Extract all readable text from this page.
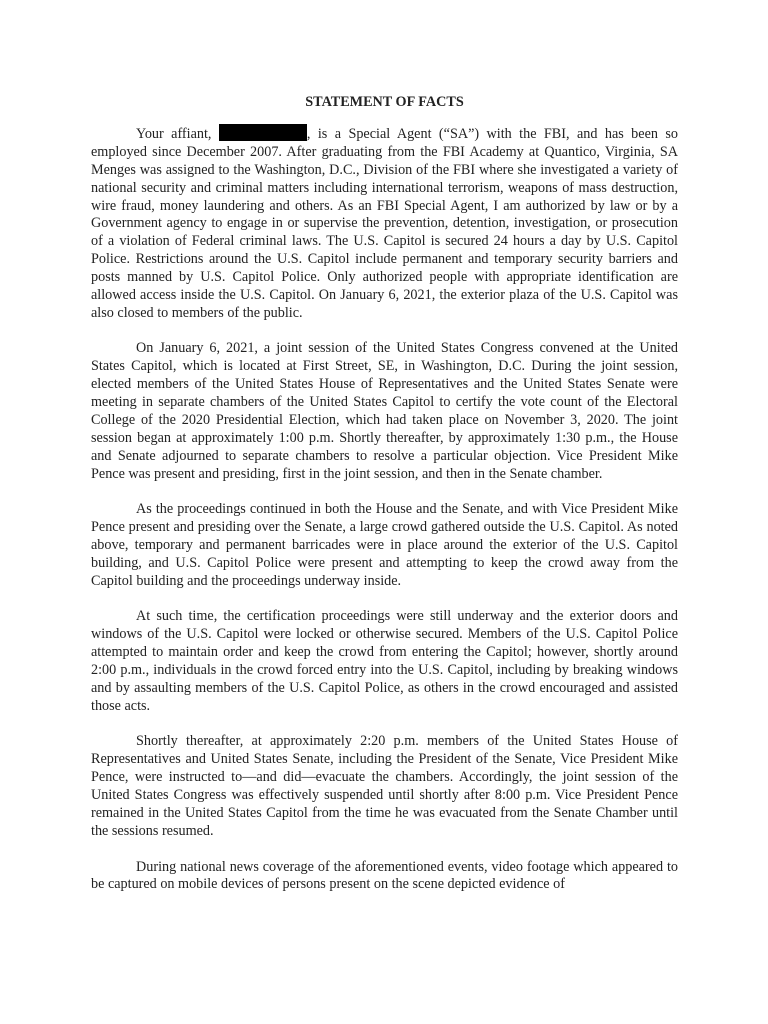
STATEMENT OF FACTS

Your affiant,	, is a Special Agent (“SA”) with the FBI, and has been so employed since December 2007. After graduating from the FBI Academy at Quantico, Virginia, SA Menges was assigned to the Washington, D.C., Division of the FBI where she investigated a variety of national security and criminal matters including international terrorism, weapons of mass destruction, wire fraud, money laundering and others. As an FBI Special Agent, I am authorized by law or by a Government agency to engage in or supervise the prevention, detention, investigation, or prosecution of a violation of Federal criminal laws. The U.S. Capitol is secured 24 hours a day by U.S. Capitol Police. Restrictions around the U.S. Capitol include permanent and temporary security barriers and posts manned by U.S. Capitol Police. Only authorized people with appropriate identification are allowed access inside the U.S. Capitol. On January 6, 2021, the exterior plaza of the U.S. Capitol was also closed to members of the public.

On January 6, 2021, a joint session of the United States Congress convened at the United States Capitol, which is located at First Street, SE, in Washington, D.C. During the joint session, elected members of the United States House of Representatives and the United States Senate were meeting in separate chambers of the United States Capitol to certify the vote count of the Electoral College of the 2020 Presidential Election, which had taken place on November 3, 2020. The joint session began at approximately 1:00 p.m. Shortly thereafter, by approximately 1:30 p.m., the House and Senate adjourned to separate chambers to resolve a particular objection. Vice President Mike Pence was present and presiding, first in the joint session, and then in the Senate chamber.

As the proceedings continued in both the House and the Senate, and with Vice President Mike Pence present and presiding over the Senate, a large crowd gathered outside the U.S. Capitol. As noted above, temporary and permanent barricades were in place around the exterior of the U.S. Capitol building, and U.S. Capitol Police were present and attempting to keep the crowd away from the Capitol building and the proceedings underway inside.

At such time, the certification proceedings were still underway and the exterior doors and windows of the U.S. Capitol were locked or otherwise secured. Members of the U.S. Capitol Police attempted to maintain order and keep the crowd from entering the Capitol; however, shortly around 2:00 p.m., individuals in the crowd forced entry into the U.S. Capitol, including by breaking windows and by assaulting members of the U.S. Capitol Police, as others in the crowd encouraged and assisted those acts.

Shortly thereafter, at approximately 2:20 p.m. members of the United States House of Representatives and United States Senate, including the President of the Senate, Vice President Mike Pence, were instructed to—and did—evacuate the chambers. Accordingly, the joint session of the United States Congress was effectively suspended until shortly after 8:00 p.m. Vice President Pence remained in the United States Capitol from the time he was evacuated from the Senate Chamber until the sessions resumed.

During national news coverage of the aforementioned events, video footage which appeared to be captured on mobile devices of persons present on the scene depicted evidence of
